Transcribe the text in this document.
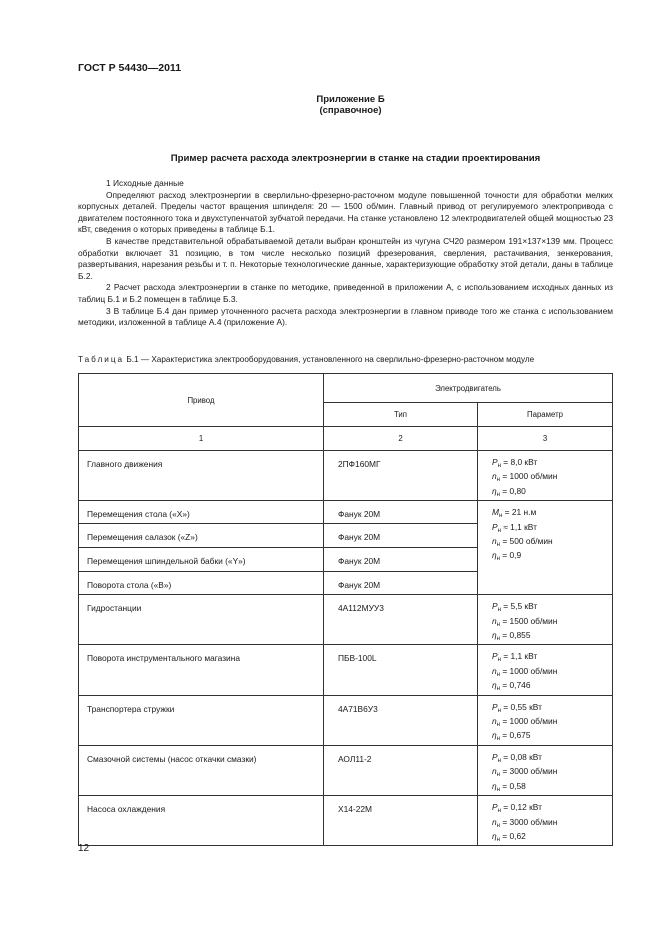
ГОСТ Р 54430—2011
Приложение Б
(справочное)
Пример расчета расхода электроэнергии в станке на стадии проектирования

1 Исходные данные

Определяют расход электроэнергии в сверлильно-фрезерно-расточном модуле повышенной точности для обработки мелких корпусных деталей. Пределы частот вращения шпинделя: 20 — 1500 об/мин. Главный привод от регулируемого электропривода с двигателем постоянного тока и двухступенчатой зубчатой передачи. На станке установлено 12 электродвигателей общей мощностью 23 кВт, сведения о которых приведены в таблице Б.1.

В качестве представительной обрабатываемой детали выбран кронштейн из чугуна СЧ20 размером 191×137×139 мм. Процесс обработки включает 31 позицию, в том числе несколько позиций фрезерования, сверления, растачивания, зенкерования, развертывания, нарезания резьбы и т. п. Некоторые технологические данные, характеризующие обработку этой детали, даны в таблице Б.2.

2 Расчет расхода электроэнергии в станке по методике, приведенной в приложении А, с использованием исходных данных из таблиц Б.1 и Б.2 помещен в таблице Б.3.

3 В таблице Б.4 дан пример уточненного расчета расхода электроэнергии в главном приводе того же станка с использованием методики, изложенной в таблице А.4 (приложение А).

Таблица Б.1 — Характеристика электрооборудования, установленного на сверлильно-фрезерно-расточном модуле
Привод	Электродвигатель	
	Тип	Параметр
1	2	3
Главного движения	2ПФ160МГ	$P_н = 8,0$ кВт
$n_н = 1000$ об/мин
$\eta_н = 0,80$

Перемещения стола («X»)	Фанук 20М	$M_н = 21$ н.м
$P_н \approx 1,1$ кВт
$n_н = 500$ об/мин
$\eta_н = 0,9$

Перемещения салазок («Z»)	Фанук 20М	
Перемещения шпиндельной бабки («Y»)	Фанук 20М	
Поворота стола («В»)	Фанук 20М	
Гидростанции	4А112МУУ3	$P_н = 5,5$ кВт
$n_н = 1500$ об/мин
$\eta_н = 0,855$

Поворота инструментального магазина	ПБВ-100L	$P_н = 1,1$ кВт
$n_н = 1000$ об/мин
$\eta_н = 0,746$

Транспортера стружки	4А71В6У3	$P_н = 0,55$ кВт
$n_н = 1000$ об/мин
$\eta_н = 0,675$

Смазочной системы (насос откачки смазки)	АОЛ11-2	$P_н = 0,08$ кВт
$n_н = 3000$ об/мин
$\eta_н = 0,58$

Насоса охлаждения	Х14-22М	$P_н = 0,12$ кВт
$n_н = 3000$ об/мин
$\eta_н = 0,62$
12
